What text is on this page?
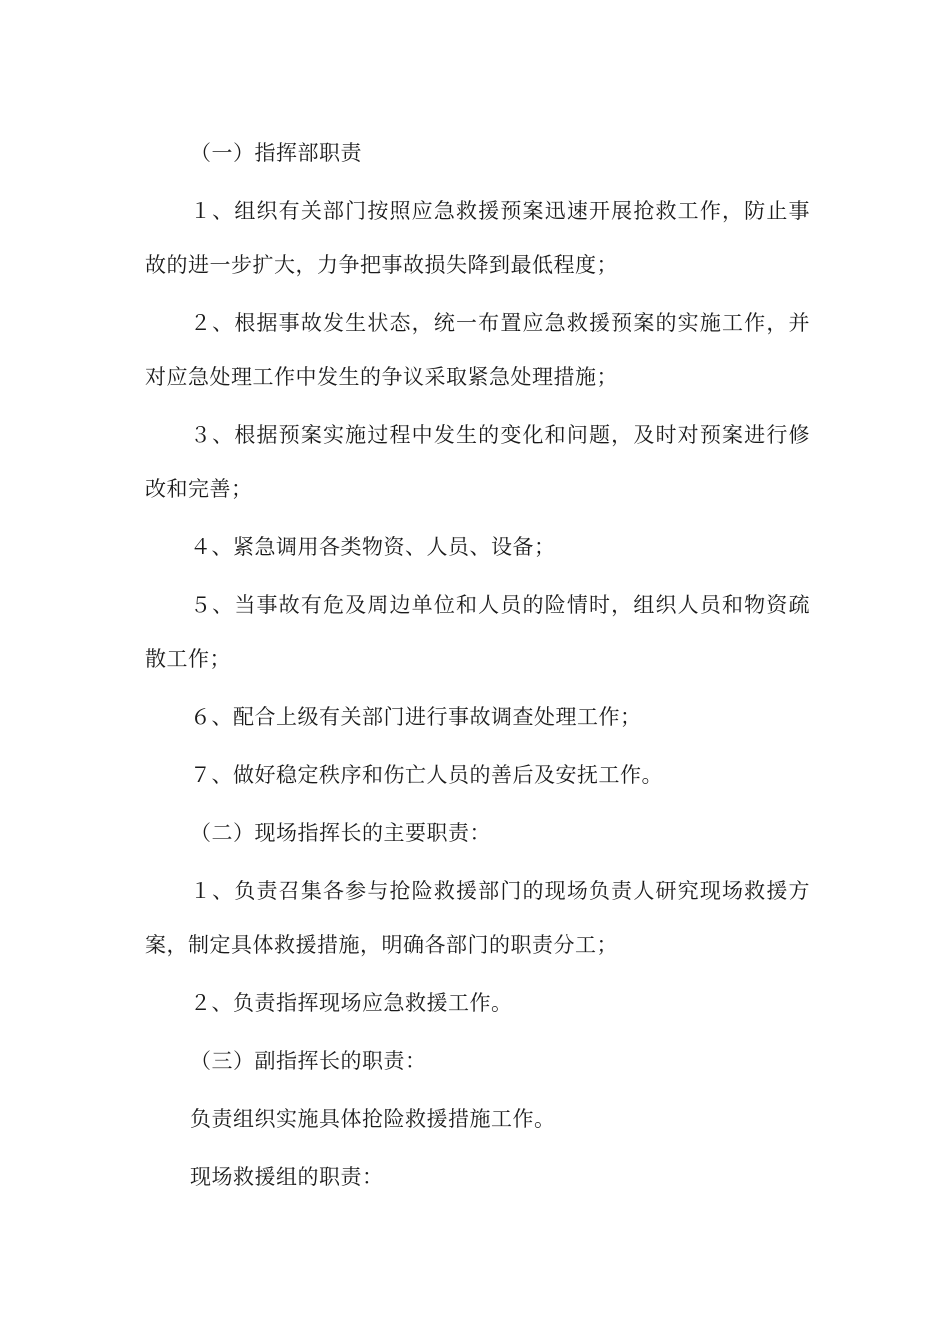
（一）指挥部职责

１、组织有关部门按照应急救援预案迅速开展抢救工作，防止事故的进一步扩大，力争把事故损失降到最低程度；

２、根据事故发生状态，统一布置应急救援预案的实施工作，并对应急处理工作中发生的争议采取紧急处理措施；

３、根据预案实施过程中发生的变化和问题，及时对预案进行修改和完善；

４、紧急调用各类物资、人员、设备；

５、当事故有危及周边单位和人员的险情时，组织人员和物资疏散工作；

６、配合上级有关部门进行事故调查处理工作；

７、做好稳定秩序和伤亡人员的善后及安抚工作。

（二）现场指挥长的主要职责：

１、负责召集各参与抢险救援部门的现场负责人研究现场救援方案，制定具体救援措施，明确各部门的职责分工；

２、负责指挥现场应急救援工作。

（三）副指挥长的职责：

负责组织实施具体抢险救援措施工作。

现场救援组的职责：
